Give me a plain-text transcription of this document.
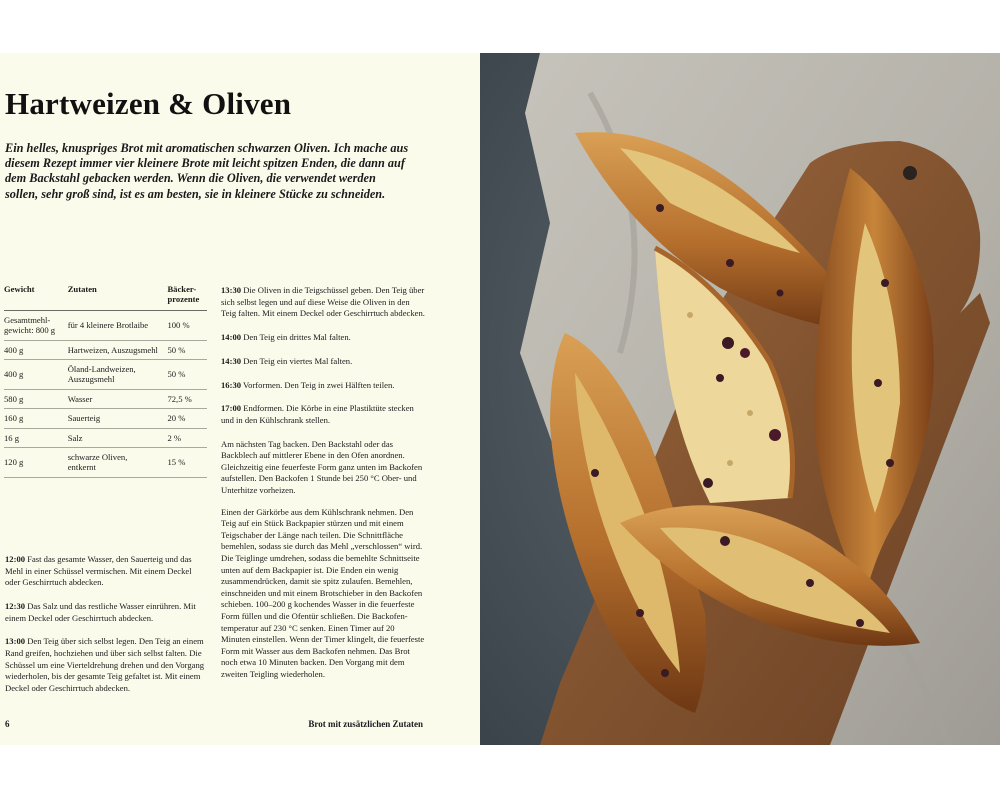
Hartweizen & Oliven

Ein helles, knuspriges Brot mit aromatischen schwarzen Oliven. Ich mache aus diesem Rezept immer vier kleinere Brote mit leicht spitzen Enden, die dann auf dem Backstahl gebacken werden. Wenn die Oliven, die verwendet werden sollen, sehr groß sind, ist es am besten, sie in kleinere Stücke zu schneiden.

Gewicht	Zutaten	Bäcker-
prozente
Gesamtmehl-
gewicht: 800 g	für 4 kleinere Brotlaibe	100 %
400 g	Hartweizen, Auszugsmehl	50 %
400 g	Öland-Landweizen,
Auszugsmehl	50 %
580 g	Wasser	72,5 %
160 g	Sauerteig	20 %
16 g	Salz	2 %
120 g	schwarze Oliven,
entkernt	15 %

12:00 Fast das gesamte Wasser, den Sauerteig und das Mehl in einer Schüssel vermischen. Mit einem Deckel oder Geschirrtuch abdecken.

12:30 Das Salz und das restliche Wasser einrühren. Mit einem Deckel oder Geschirrtuch abdecken.

13:00 Den Teig über sich selbst legen. Den Teig an einem Rand greifen, hochziehen und über sich selbst falten. Die Schüssel um eine Vierteldrehung drehen und den Vorgang wiederholen, bis der gesamte Teig gefaltet ist. Mit einem Deckel oder Geschirrtuch abdecken.

13:30 Die Oliven in die Teigschüssel geben. Den Teig über sich selbst legen und auf diese Weise die Oliven in den Teig falten. Mit einem Deckel oder Geschirrtuch abdecken.

14:00 Den Teig ein drittes Mal falten.

14:30 Den Teig ein viertes Mal falten.

16:30 Vorformen. Den Teig in zwei Hälften teilen.

17:00 Endformen. Die Körbe in eine Plastiktüte stecken und in den Kühlschrank stellen.

Am nächsten Tag backen. Den Backstahl oder das Backblech auf mittlerer Ebene in den Ofen anordnen. Gleichzeitig eine feuerfeste Form ganz unten im Backofen aufstellen. Den Backofen 1 Stunde bei 250 °C Ober- und Unterhitze vorheizen.

Einen der Gärkörbe aus dem Kühlschrank nehmen. Den Teig auf ein Stück Backpapier stürzen und mit einem Teigschaber der Länge nach teilen. Die Schnittfläche bemehlen, sodass sie durch das Mehl „verschlossen“ wird. Die Teiglinge umdrehen, sodass die bemehlte Schnittseite unten auf dem Backpapier ist. Die Enden ein wenig zusammendrücken, damit sie spitz zulaufen. Bemehlen, einschneiden und mit einem Brotschieber in den Backofen schieben. 100–200 g kochendes Wasser in die feuerfeste Form füllen und die Ofentür schließen. Die Backofen-temperatur auf 230 °C senken. Einen Timer auf 20 Minuten einstellen. Wenn der Timer klingelt, die feuerfeste Form mit Wasser aus dem Backofen nehmen. Das Brot noch etwa 10 Minuten backen. Den Vorgang mit dem zweiten Teigling wiederholen.

6	Brot mit zusätzlichen Zutaten
